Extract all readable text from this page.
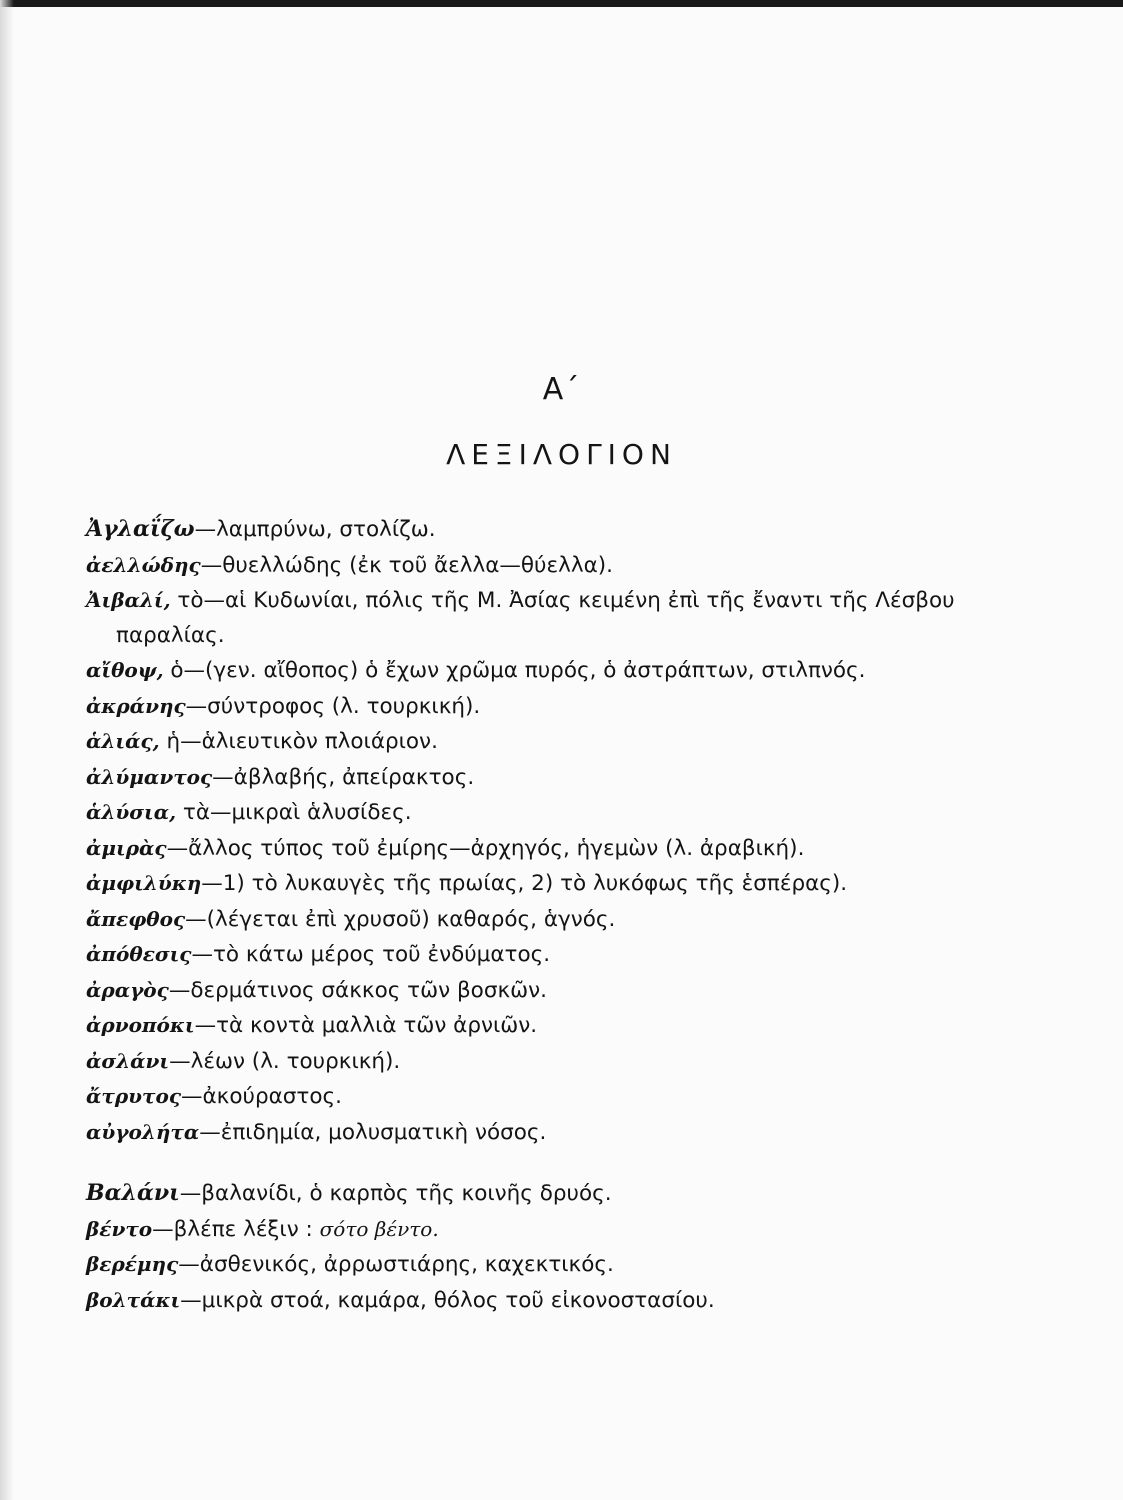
Α΄
ΛΕΞΙΛΟΓΙΟΝ
Ἀγλαΐζω—λαμπρύνω, στολίζω.
ἀελλώδης—θυελλώδης (ἐκ τοῦ ἄελλα—θύελλα).
Ἀιβαλί, τὸ—αἱ Κυδωνίαι, πόλις τῆς Μ. Ἀσίας κειμένη ἐπὶ τῆς ἔναντι τῆς Λέσβου παραλίας.
αἴθοψ, ὁ—(γεν. αἴθοπος) ὁ ἔχων χρῶμα πυρός, ὁ ἀστράπτων, στιλπνός.
ἀκράνης—σύντροφος (λ. τουρκική).
ἁλιάς, ἡ—ἁλιευτικὸν πλοιάριον.
ἀλύμαντος—ἀβλαβής, ἀπείρακτος.
ἁλύσια, τὰ—μικραὶ ἁλυσίδες.
ἀμιρὰς—ἄλλος τύπος τοῦ ἐμίρης—ἀρχηγός, ἡγεμὼν (λ. ἀραβική).
ἀμφιλύκη—1) τὸ λυκαυγὲς τῆς πρωίας, 2) τὸ λυκόφως τῆς ἑσπέρας).
ἄπεφθος—(λέγεται ἐπὶ χρυσοῦ) καθαρός, ἁγνός.
ἀπόθεσις—τὸ κάτω μέρος τοῦ ἐνδύματος.
ἀραγὸς—δερμάτινος σάκκος τῶν βοσκῶν.
ἀρνοπόκι—τὰ κοντὰ μαλλιὰ τῶν ἀρνιῶν.
ἀσλάνι—λέων (λ. τουρκική).
ἄτρυτος—ἀκούραστος.
αὐγολήτα—ἐπιδημία, μολυσματικὴ νόσος.
Βαλάνι—βαλανίδι, ὁ καρπὸς τῆς κοινῆς δρυός.
βέντο—βλέπε λέξιν : σότο βέντο.
βερέμης—ἀσθενικός, ἀρρωστιάρης, καχεκτικός.
βολτάκι—μικρὰ στοά, καμάρα, θόλος τοῦ εἰκονοστασίου.
